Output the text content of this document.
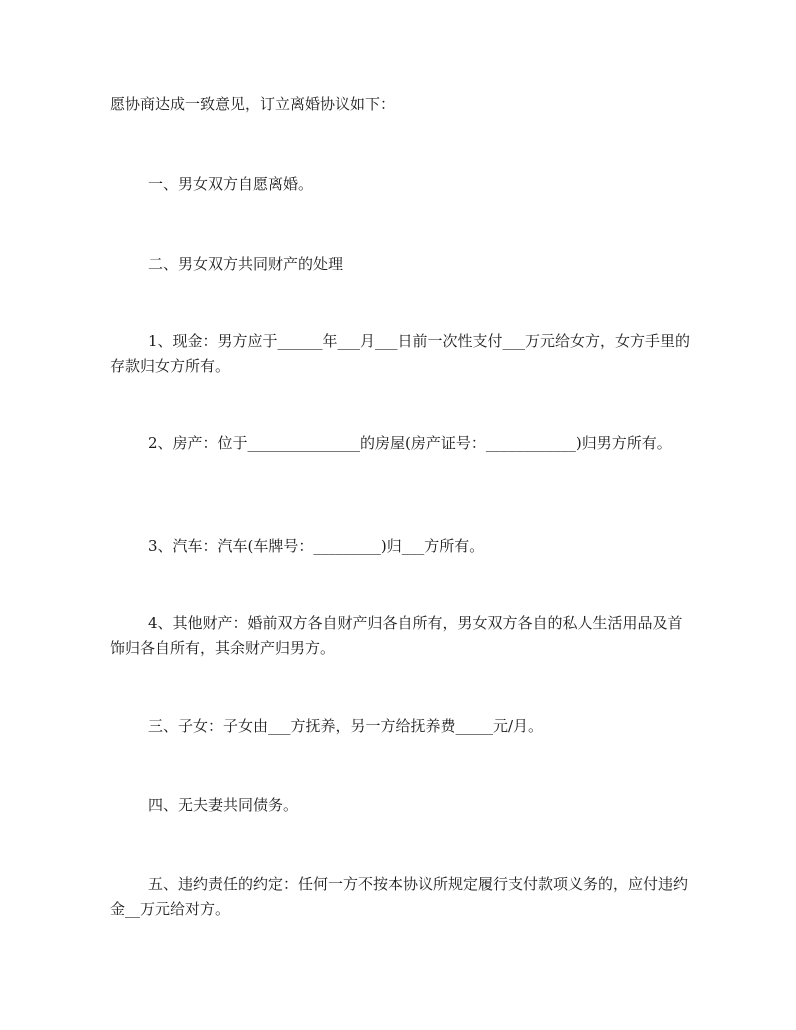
愿协商达成一致意见，订立离婚协议如下：

一、男女双方自愿离婚。

二、男女双方共同财产的处理

1、现金：男方应于______年___月___日前一次性支付___万元给女方，女方手里的存款归女方所有。

2、房产：位于_______________的房屋(房产证号：____________)归男方所有。

3、汽车：汽车(车牌号：_________)归___方所有。

4、其他财产：婚前双方各自财产归各自所有，男女双方各自的私人生活用品及首饰归各自所有，其余财产归男方。

三、子女：子女由___方抚养，另一方给抚养费_____元/月。

四、无夫妻共同债务。

五、违约责任的约定：任何一方不按本协议所规定履行支付款项义务的，应付违约金__万元给对方。
